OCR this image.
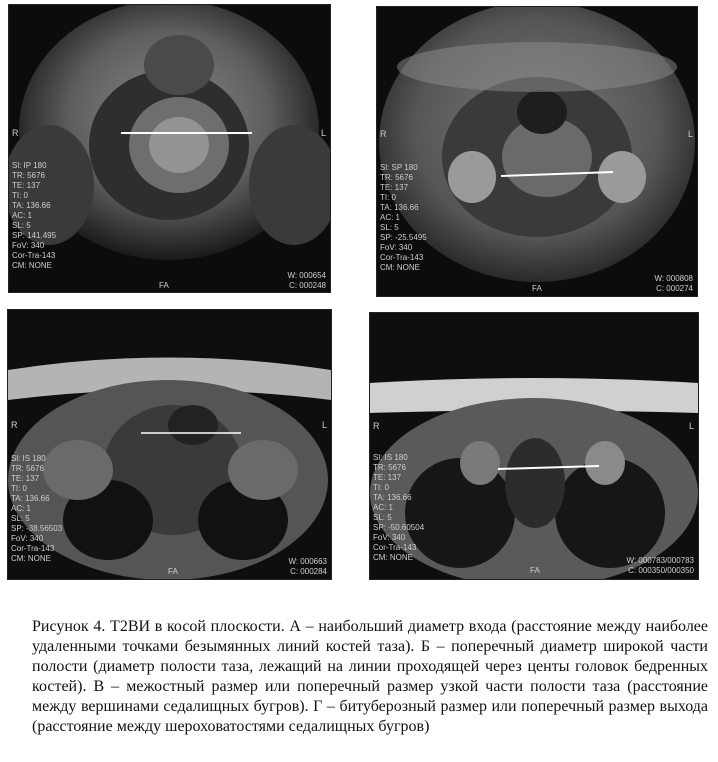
R	L
Sl: IP 180
TR: 5676
TE: 137
TI: 0
TA: 136.66
AC: 1
SL: 5
SP: 141.495
FoV: 340
Cor-Tra-143
CM: NONE
FA
W: 000654
C: 000248
R	L
Sl: SP 180
TR: 5676
TE: 137
TI: 0
TA: 136.66
AC: 1
SL: 5
SP: -25.5495
FoV: 340
Cor-Tra-143
CM: NONE
FA
W: 000808
C: 000274
R	L
Sl: IS 180
TR: 5676
TE: 137
TI: 0
TA: 136.66
AC: 1
SL: 5
SP: -38.56503
FoV: 340
Cor-Tra-143
CM: NONE
FA
W: 000663
C: 000284
R	L
Sl: IS 180
TR: 5676
TE: 137
TI: 0
TA: 136.66
AC: 1
SL: 5
SP: -50.60504
FoV: 340
Cor-Tra-143
CM: NONE
FA
W: 000783/000783
C: 000350/000350

Рисунок 4. Т2ВИ в косой плоскости. А – наибольший диаметр входа (расстояние между наиболее удаленными точками безымянных линий костей таза). Б – поперечный диаметр широкой части полости (диаметр полости таза, лежащий на линии проходящей через центы головок бедренных костей). В – межостный размер или поперечный размер узкой части полости таза (расстояние между вершинами седалищных бугров). Г – битуберозный размер или поперечный размер выхода (расстояние между шероховатостями седалищных бугров)
